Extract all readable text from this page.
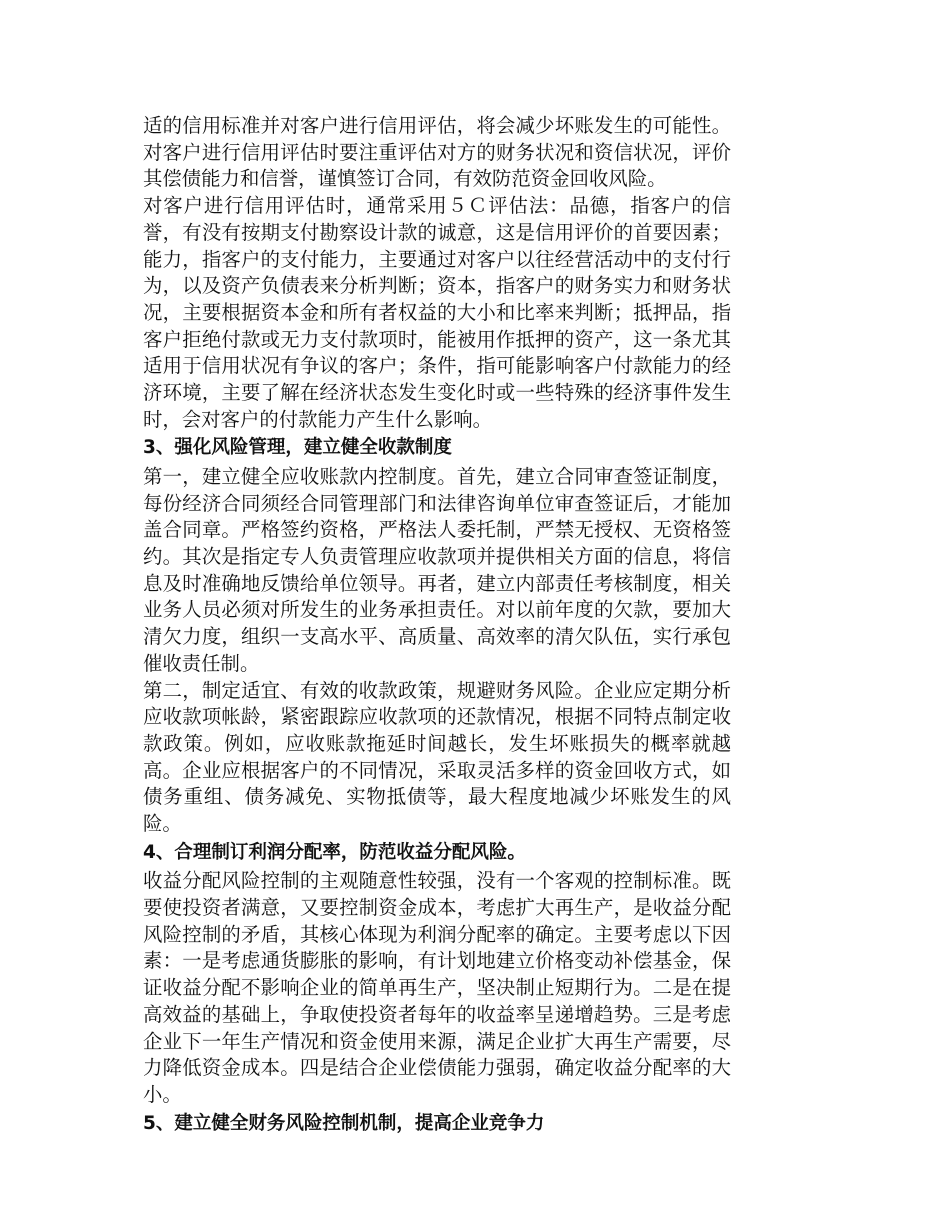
适的信用标准并对客户进行信用评估，将会减少坏账发生的可能性。对客户进行信用评估时要注重评估对方的财务状况和资信状况，评价其偿债能力和信誉，谨慎签订合同，有效防范资金回收风险。

对客户进行信用评估时，通常采用５Ｃ评估法：品德，指客户的信誉，有没有按期支付勘察设计款的诚意，这是信用评价的首要因素；能力，指客户的支付能力，主要通过对客户以往经营活动中的支付行为，以及资产负债表来分析判断；资本，指客户的财务实力和财务状况，主要根据资本金和所有者权益的大小和比率来判断；抵押品，指客户拒绝付款或无力支付款项时，能被用作抵押的资产，这一条尤其适用于信用状况有争议的客户；条件，指可能影响客户付款能力的经济环境，主要了解在经济状态发生变化时或一些特殊的经济事件发生时，会对客户的付款能力产生什么影响。

3、强化风险管理，建立健全收款制度

第一，建立健全应收账款内控制度。首先，建立合同审查签证制度，每份经济合同须经合同管理部门和法律咨询单位审查签证后，才能加盖合同章。严格签约资格，严格法人委托制，严禁无授权、无资格签约。其次是指定专人负责管理应收款项并提供相关方面的信息，将信息及时准确地反馈给单位领导。再者，建立内部责任考核制度，相关业务人员必须对所发生的业务承担责任。对以前年度的欠款，要加大清欠力度，组织一支高水平、高质量、高效率的清欠队伍，实行承包催收责任制。

第二，制定适宜、有效的收款政策，规避财务风险。企业应定期分析应收款项帐龄，紧密跟踪应收款项的还款情况，根据不同特点制定收款政策。例如，应收账款拖延时间越长，发生坏账损失的概率就越高。企业应根据客户的不同情况，采取灵活多样的资金回收方式，如债务重组、债务减免、实物抵债等，最大程度地减少坏账发生的风险。

4、合理制订利润分配率，防范收益分配风险。

收益分配风险控制的主观随意性较强，没有一个客观的控制标准。既要使投资者满意，又要控制资金成本，考虑扩大再生产，是收益分配风险控制的矛盾，其核心体现为利润分配率的确定。主要考虑以下因素：一是考虑通货膨胀的影响，有计划地建立价格变动补偿基金，保证收益分配不影响企业的简单再生产，坚决制止短期行为。二是在提高效益的基础上，争取使投资者每年的收益率呈递增趋势。三是考虑企业下一年生产情况和资金使用来源，满足企业扩大再生产需要，尽力降低资金成本。四是结合企业偿债能力强弱，确定收益分配率的大小。

5、建立健全财务风险控制机制，提高企业竞争力
